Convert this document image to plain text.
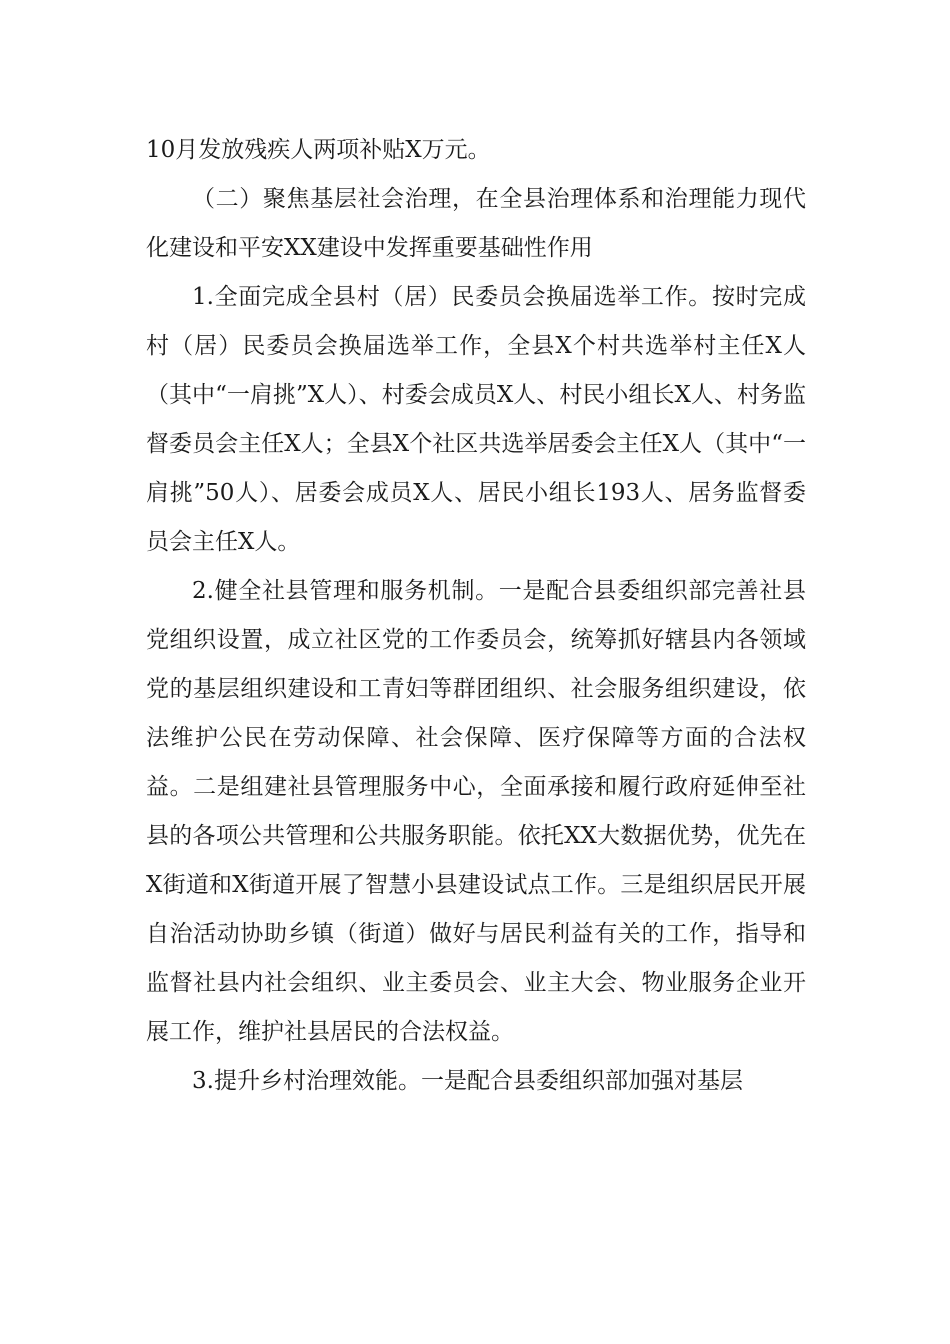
10月发放残疾人两项补贴X万元。

（二）聚焦基层社会治理，在全县治理体系和治理能力现代化建设和平安XX建设中发挥重要基础性作用

1.全面完成全县村（居）民委员会换届选举工作。按时完成村（居）民委员会换届选举工作，全县X个村共选举村主任X人（其中“一肩挑”X人）、村委会成员X人、村民小组长X人、村务监督委员会主任X人；全县X个社区共选举居委会主任X人（其中“一肩挑”50人）、居委会成员X人、居民小组长193人、居务监督委员会主任X人。

2.健全社县管理和服务机制。一是配合县委组织部完善社县党组织设置，成立社区党的工作委员会，统筹抓好辖县内各领域党的基层组织建设和工青妇等群团组织、社会服务组织建设，依法维护公民在劳动保障、社会保障、医疗保障等方面的合法权益。二是组建社县管理服务中心，全面承接和履行政府延伸至社县的各项公共管理和公共服务职能。依托XX大数据优势，优先在X街道和X街道开展了智慧小县建设试点工作。三是组织居民开展自治活动协助乡镇（街道）做好与居民利益有关的工作，指导和监督社县内社会组织、业主委员会、业主大会、物业服务企业开展工作，维护社县居民的合法权益。

3.提升乡村治理效能。一是配合县委组织部加强对基层
